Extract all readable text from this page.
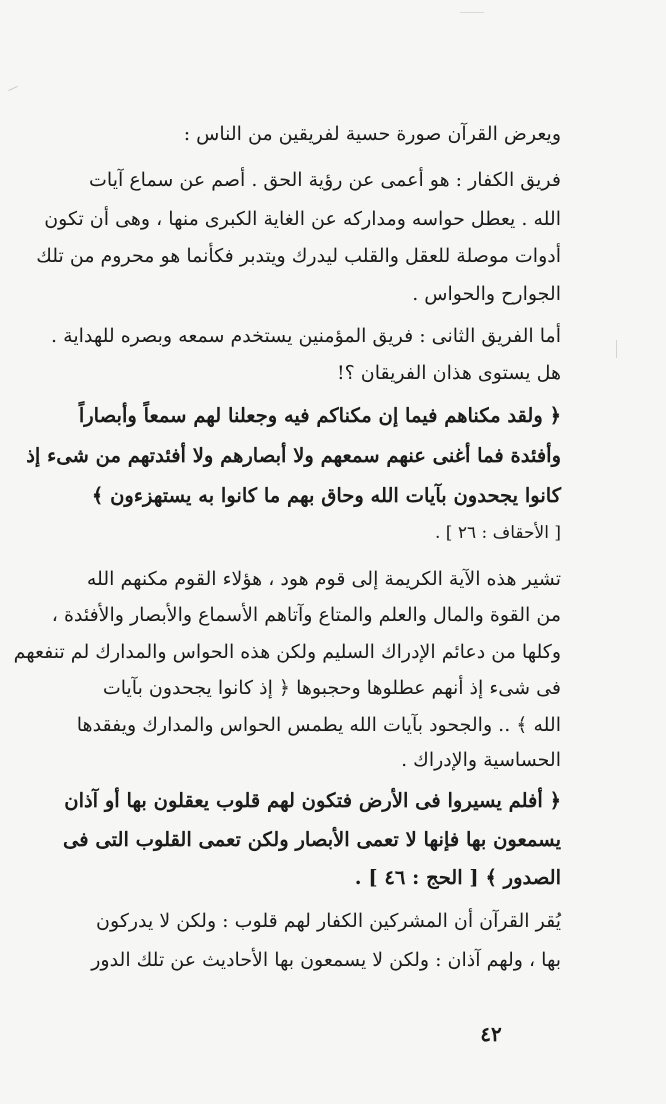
ويعرض القرآن صورة حسية لفريقين من الناس :
فريق الكفار : هو أعمى عن رؤية الحق . أصم عن سماع آيات
الله . يعطل حواسه ومداركه عن الغاية الكبرى منها ، وهى أن تكون
أدوات موصلة للعقل والقلب ليدرك ويتدبر فكأنما هو محروم من تلك
الجوارح والحواس .
أما الفريق الثانى : فريق المؤمنين يستخدم سمعه وبصره للهداية .
هل يستوى هذان الفريقان ؟!
﴿ ولقد مكناهم فيما إن مكناكم فيه وجعلنا لهم سمعاً وأبصاراً
وأفئدة فما أغنى عنهم سمعهم ولا أبصارهم ولا أفئدتهم من شىء إذ
كانوا يجحدون بآيات الله وحاق بهم ما كانوا به يستهزءون ﴾
[ الأحقاف : ٢٦ ] .
تشير هذه الآية الكريمة إلى قوم هود ، هؤلاء القوم مكنهم الله
من القوة والمال والعلم والمتاع وآتاهم الأسماع والأبصار والأفئدة ،
وكلها من دعائم الإدراك السليم ولكن هذه الحواس والمدارك لم تنفعهم
فى شىء إذ أنهم عطلوها وحجبوها ﴿ إذ كانوا يجحدون بآيات
الله ﴾ .. والجحود بآيات الله يطمس الحواس والمدارك ويفقدها
الحساسية والإدراك .
﴿ أفلم يسيروا فى الأرض فتكون لهم قلوب يعقلون بها أو آذان
يسمعون بها فإنها لا تعمى الأبصار ولكن تعمى القلوب التى فى
الصدور ﴾ [ الحج : ٤٦ ] .
يُقر القرآن أن المشركين الكفار لهم قلوب : ولكن لا يدركون
بها ، ولهم آذان : ولكن لا يسمعون بها الأحاديث عن تلك الدور
٤٢
